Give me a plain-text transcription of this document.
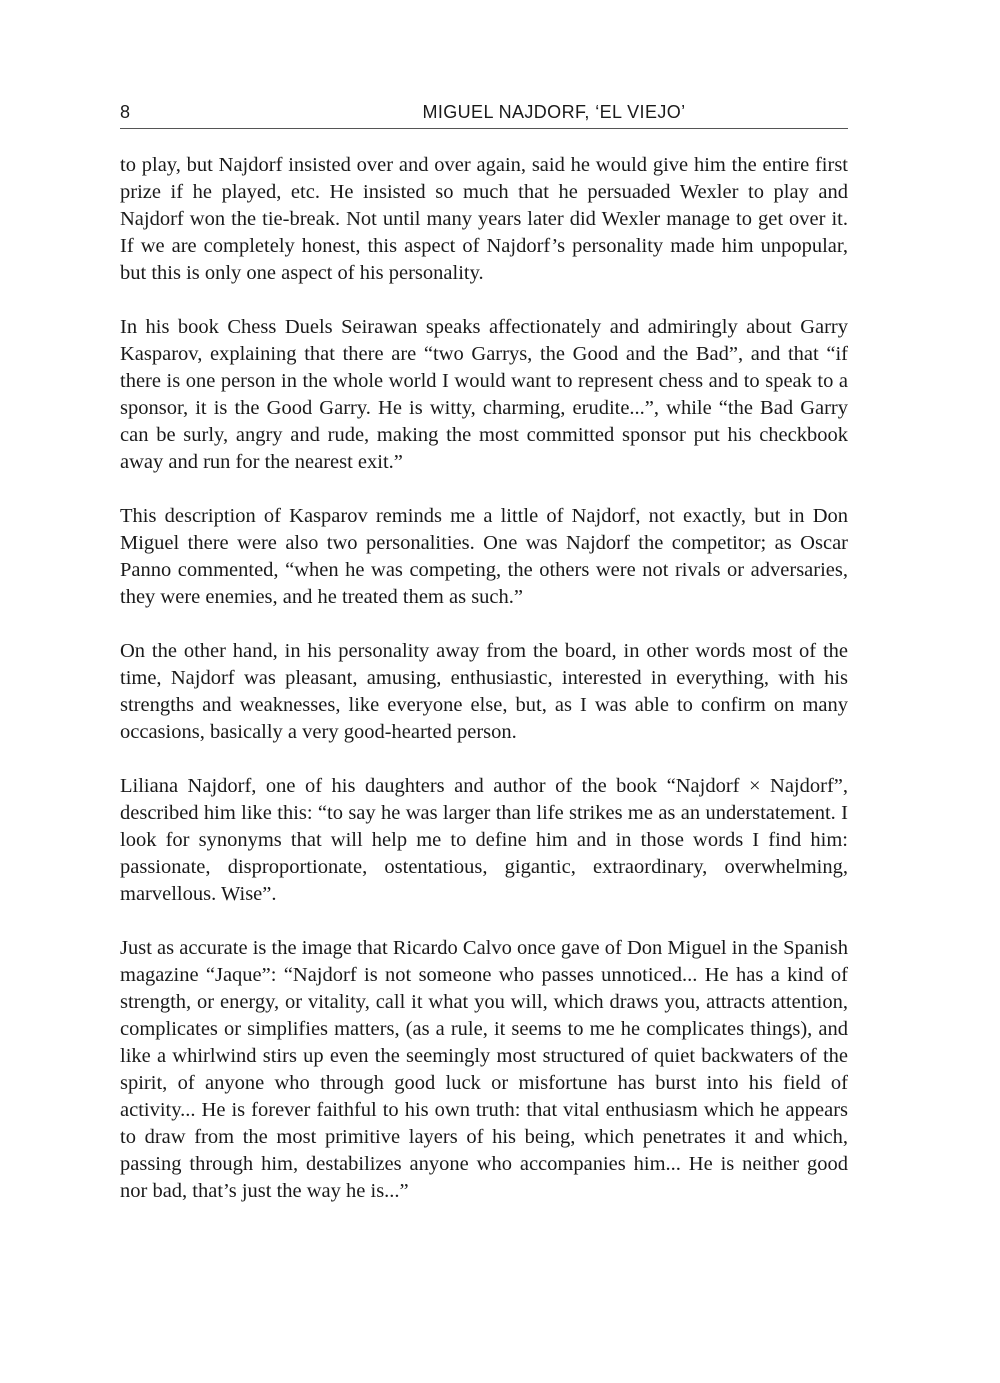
8	MIGUEL NAJDORF, ‘EL VIEJO’

to play, but Najdorf insisted over and over again, said he would give him the entire first prize if he played, etc. He insisted so much that he persuaded Wexler to play and Najdorf won the tie-break. Not until many years later did Wexler manage to get over it. If we are completely honest, this aspect of Najdorf’s personality made him unpopular, but this is only one aspect of his personality.

In his book Chess Duels Seirawan speaks affectionately and admiringly about Garry Kasparov, explaining that there are “two Garrys, the Good and the Bad”, and that “if there is one person in the whole world I would want to represent chess and to speak to a sponsor, it is the Good Garry. He is witty, charming, erudite...”, while “the Bad Garry can be surly, angry and rude, making the most committed sponsor put his checkbook away and run for the nearest exit.”

This description of Kasparov reminds me a little of Najdorf, not exactly, but in Don Miguel there were also two personalities. One was Najdorf the competitor; as Oscar Panno commented, “when he was competing, the others were not rivals or adversaries, they were enemies, and he treated them as such.”

On the other hand, in his personality away from the board, in other words most of the time, Najdorf was pleasant, amusing, enthusiastic, interested in everything, with his strengths and weaknesses, like everyone else, but, as I was able to confirm on many occasions, basically a very good-hearted person.

Liliana Najdorf, one of his daughters and author of the book “Najdorf × Najdorf”, described him like this: “to say he was larger than life strikes me as an understatement. I look for synonyms that will help me to define him and in those words I find him: passionate, disproportionate, ostentatious, gigantic, extraordinary, overwhelming, marvellous. Wise”.

Just as accurate is the image that Ricardo Calvo once gave of Don Miguel in the Spanish magazine “Jaque”: “Najdorf is not someone who passes unnoticed... He has a kind of strength, or energy, or vitality, call it what you will, which draws you, attracts attention, complicates or simplifies matters, (as a rule, it seems to me he complicates things), and like a whirlwind stirs up even the seemingly most structured of quiet backwaters of the spirit, of anyone who through good luck or misfortune has burst into his field of activity... He is forever faithful to his own truth: that vital enthusiasm which he appears to draw from the most primitive layers of his being, which penetrates it and which, passing through him, destabilizes anyone who accompanies him... He is neither good nor bad, that’s just the way he is...”
